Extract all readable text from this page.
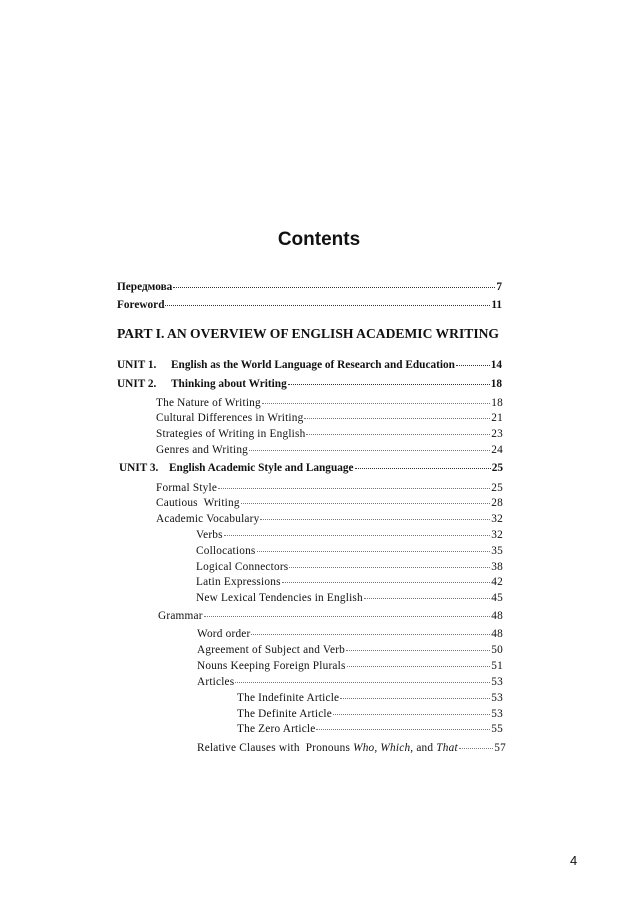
Contents
Передмова	7
Foreword	11
PART I. AN OVERVIEW OF ENGLISH ACADEMIC WRITING
UNIT 1. English as the World Language of Research and Education	14
UNIT 2. Thinking about Writing	18
The Nature of Writing	18
Cultural Differences in Writing	21
Strategies of Writing in English	23
Genres and Writing	24
UNIT 3. English Academic Style and Language	25
Formal Style	25
Cautious  Writing	28
Academic Vocabulary	32
Verbs	32
Collocations	35
Logical Connectors	38
Latin Expressions	42
New Lexical Tendencies in English	45
Grammar	48
Word order	48
Agreement of Subject and Verb	50
Nouns Keeping Foreign Plurals	51
Articles	53
The Indefinite Article	53
The Definite Article	53
The Zero Article	55
Relative Clauses with  Pronouns Who, Which, and That	57
4
